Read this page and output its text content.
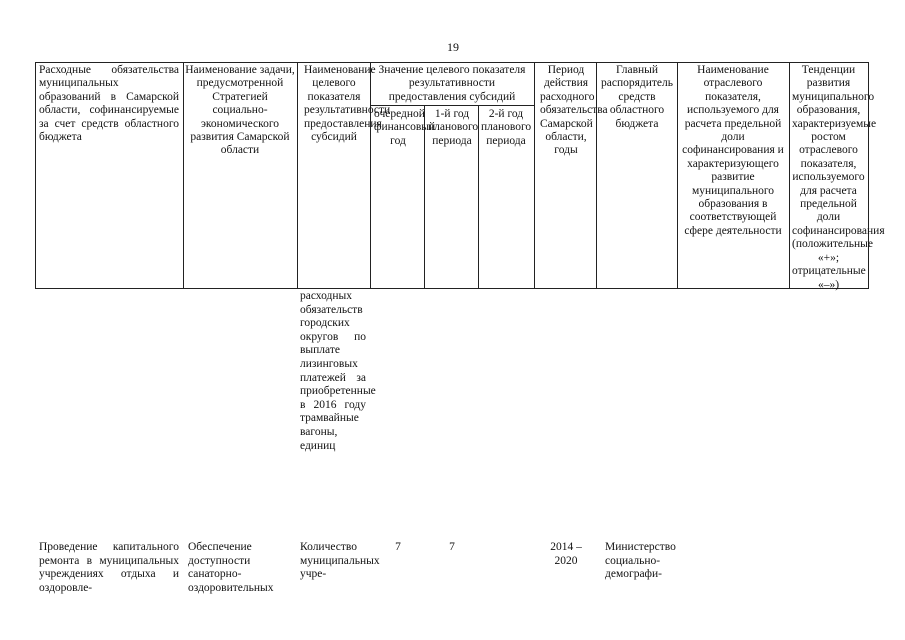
19
Расходные обязательства муниципальных образований в Самарской области, софинансируемые за счет средств областного бюджета
Наименование задачи, предусмотренной Стратегией социально-экономического развития Самарской области
Наименование целевого показателя результативности предоставления субсидий
Значение целевого показателя результативности предоставления субсидий
очередной финансовый год
1-й год планового периода
2-й год планового периода
Период действия расходного обязательства Самарской области, годы
Главный распорядитель средств областного бюджета
Наименование отраслевого показателя, используемого для расчета предельной доли софинансирования и характеризующего развитие муниципального образования в соответствующей сфере деятельности
Тенденции развития муниципального образования, характеризуемые ростом отраслевого показателя, используемого для расчета предельной доли софинансирования (положительные «+»; отрицательные «–»)
расходных обязательств городских округов по выплате лизинговых платежей за приобретенные в 2016 году трамвайные вагоны, единиц
Проведение капитального ремонта в муниципальных учреждениях отдыха и оздоровле-
Обеспечение доступности санаторно-оздоровительных
Количество муниципальных учре-
7	7	2014 – 2020
Министерство социально-демографи-
